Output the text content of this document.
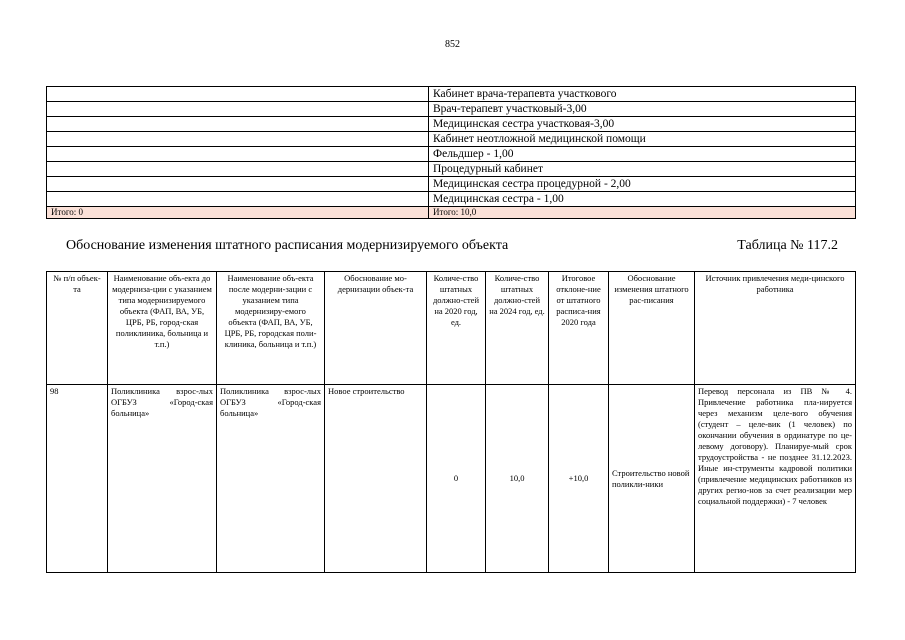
852
	Кабинет врача-терапевта участкового
	Врач-терапевт участковый-3,00
	Медицинская сестра участковая-3,00
	Кабинет неотложной медицинской помощи
	Фельдшер - 1,00
	Процедурный кабинет
	Медицинская сестра процедурной - 2,00
	Медицинская сестра - 1,00
Итого: 0	Итого: 10,0
Обоснование изменения штатного расписания модернизируемого объекта	Таблица № 117.2
№ п/п объек-та	Наименование объ-екта до модерниза-ции с указанием типа модернизируемого объекта (ФАП, ВА, УБ, ЦРБ, РБ, город-ская поликлиника, больница и т.п.)	Наименование объ-екта после модерни-зации с указанием типа модернизиру-емого объекта (ФАП, ВА, УБ, ЦРБ, РБ, городская поли-клиника, больница и т.п.)	Обоснование мо-дернизации объек-та	Количе-ство штатных должно-стей на 2020 год, ед.	Количе-ство штатных должно-стей на 2024 год, ед.	Итоговое отклоне-ние от штатного расписа-ния 2020 года	Обоснование изменения штатного рас-писания	Источник привлечения меди-цинского работника
98	Поликлиника взрос-лых ОГБУЗ «Город-ская больница»	Поликлиника взрос-лых ОГБУЗ «Город-ская больница»	Новое строительство	0	10,0	+10,0	Строительство новой поликли-ники	Перевод персонала из ПВ № 4. Привлечение работника пла-нируется через механизм целе-вого обучения (студент – целе-вик (1 человек) по окончании обучения в ординатуре по це-левому договору). Планируе-мый срок трудоустройства - не позднее 31.12.2023. Иные ин-струменты кадровой политики (привлечение медицинских работников из других регио-нов за счет реализации мер социальной поддержки) - 7 человек
